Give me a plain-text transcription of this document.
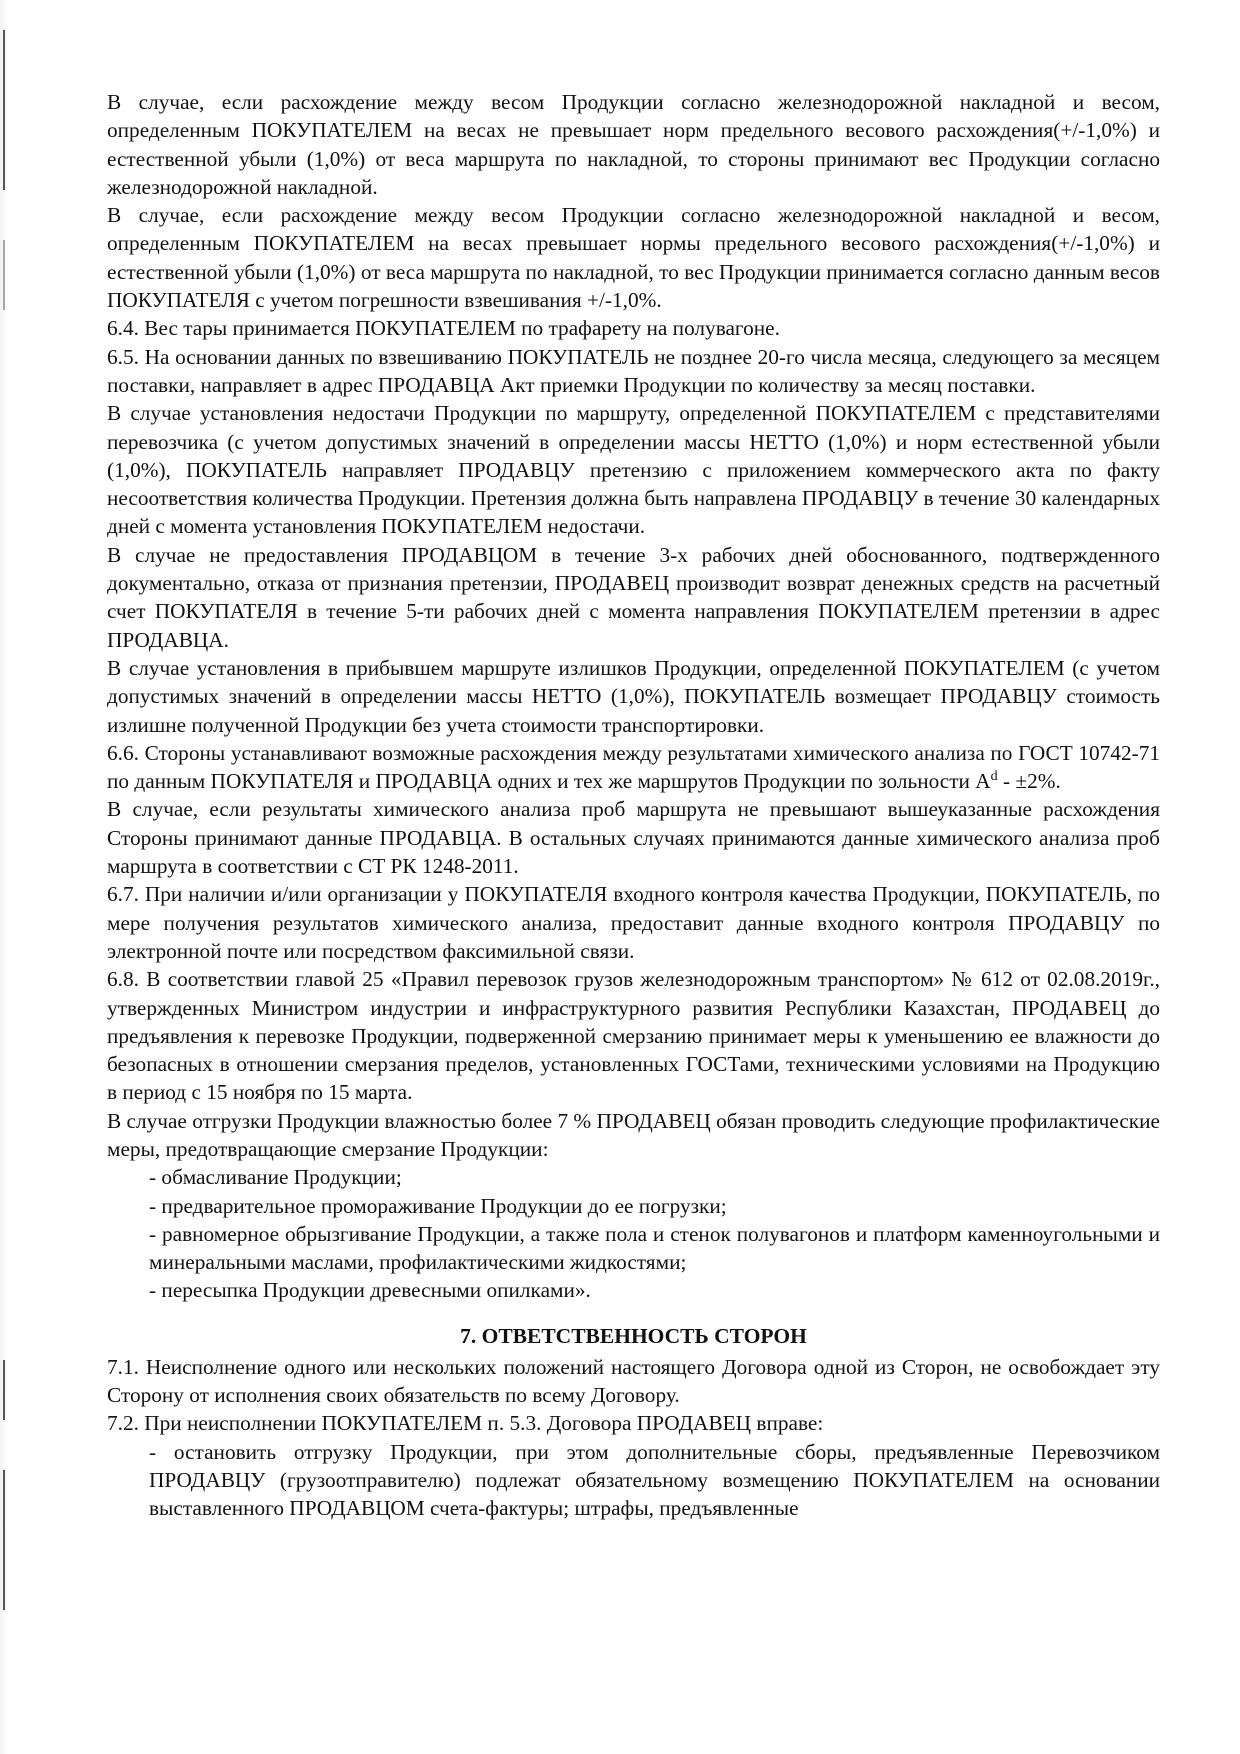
В случае, если расхождение между весом Продукции согласно железнодорожной накладной и весом, определенным ПОКУПАТЕЛЕМ на весах не превышает норм предельного весового расхождения(+/-1,0%) и естественной убыли (1,0%) от веса маршрута по накладной, то стороны принимают вес Продукции согласно железнодорожной накладной.

В случае, если расхождение между весом Продукции согласно железнодорожной накладной и весом, определенным ПОКУПАТЕЛЕМ на весах превышает нормы предельного весового расхождения(+/-1,0%) и естественной убыли (1,0%) от веса маршрута по накладной, то вес Продукции принимается согласно данным весов ПОКУПАТЕЛЯ с учетом погрешности взвешивания +/-1,0%.

6.4. Вес тары принимается ПОКУПАТЕЛЕМ по трафарету на полувагоне.

6.5. На основании данных по взвешиванию ПОКУПАТЕЛЬ не позднее 20-го числа месяца, следующего за месяцем поставки, направляет в адрес ПРОДАВЦА Акт приемки Продукции по количеству за месяц поставки.

В случае установления недостачи Продукции по маршруту, определенной ПОКУПАТЕЛЕМ с представителями перевозчика (с учетом допустимых значений в определении массы НЕТТО (1,0%) и норм естественной убыли (1,0%), ПОКУПАТЕЛЬ направляет ПРОДАВЦУ претензию с приложением коммерческого акта по факту несоответствия количества Продукции. Претензия должна быть направлена ПРОДАВЦУ в течение 30 календарных дней с момента установления ПОКУПАТЕЛЕМ недостачи.

В случае не предоставления ПРОДАВЦОМ в течение 3-х рабочих дней обоснованного, подтвержденного документально, отказа от признания претензии, ПРОДАВЕЦ производит возврат денежных средств на расчетный счет ПОКУПАТЕЛЯ в течение 5-ти рабочих дней с момента направления ПОКУПАТЕЛЕМ претензии в адрес ПРОДАВЦА.

В случае установления в прибывшем маршруте излишков Продукции, определенной ПОКУПАТЕЛЕМ (с учетом допустимых значений в определении массы НЕТТО (1,0%), ПОКУПАТЕЛЬ возмещает ПРОДАВЦУ стоимость излишне полученной Продукции без учета стоимости транспортировки.

6.6. Стороны устанавливают возможные расхождения между результатами химического анализа по ГОСТ 10742-71 по данным ПОКУПАТЕЛЯ и ПРОДАВЦА одних и тех же маршрутов Продукции по зольности $А^d - \pm 2\%$.

В случае, если результаты химического анализа проб маршрута не превышают вышеуказанные расхождения Стороны принимают данные ПРОДАВЦА. В остальных случаях принимаются данные химического анализа проб маршрута в соответствии с СТ РК 1248-2011.

6.7. При наличии и/или организации у ПОКУПАТЕЛЯ входного контроля качества Продукции, ПОКУПАТЕЛЬ, по мере получения результатов химического анализа, предоставит данные входного контроля ПРОДАВЦУ по электронной почте или посредством факсимильной связи.

6.8. В соответствии главой 25 «Правил перевозок грузов железнодорожным транспортом» № 612 от 02.08.2019г., утвержденных Министром индустрии и инфраструктурного развития Республики Казахстан, ПРОДАВЕЦ до предъявления к перевозке Продукции, подверженной смерзанию принимает меры к уменьшению ее влажности до безопасных в отношении смерзания пределов, установленных ГОСТами, техническими условиями на Продукцию в период с 15 ноября по 15 марта.

В случае отгрузки Продукции влажностью более 7 % ПРОДАВЕЦ обязан проводить следующие профилактические меры, предотвращающие смерзание Продукции:

- обмасливание Продукции;

- предварительное промораживание Продукции до ее погрузки;

- равномерное обрызгивание Продукции, а также пола и стенок полувагонов и платформ каменноугольными и минеральными маслами, профилактическими жидкостями;

- пересыпка Продукции древесными опилками».

7. ОТВЕТСТВЕННОСТЬ СТОРОН

7.1. Неисполнение одного или нескольких положений настоящего Договора одной из Сторон, не освобождает эту Сторону от исполнения своих обязательств по всему Договору.

7.2. При неисполнении ПОКУПАТЕЛЕМ п. 5.3. Договора ПРОДАВЕЦ вправе:

- остановить отгрузку Продукции, при этом дополнительные сборы, предъявленные Перевозчиком ПРОДАВЦУ (грузоотправителю) подлежат обязательному возмещению ПОКУПАТЕЛЕМ на основании выставленного ПРОДАВЦОМ счета-фактуры; штрафы, предъявленные
